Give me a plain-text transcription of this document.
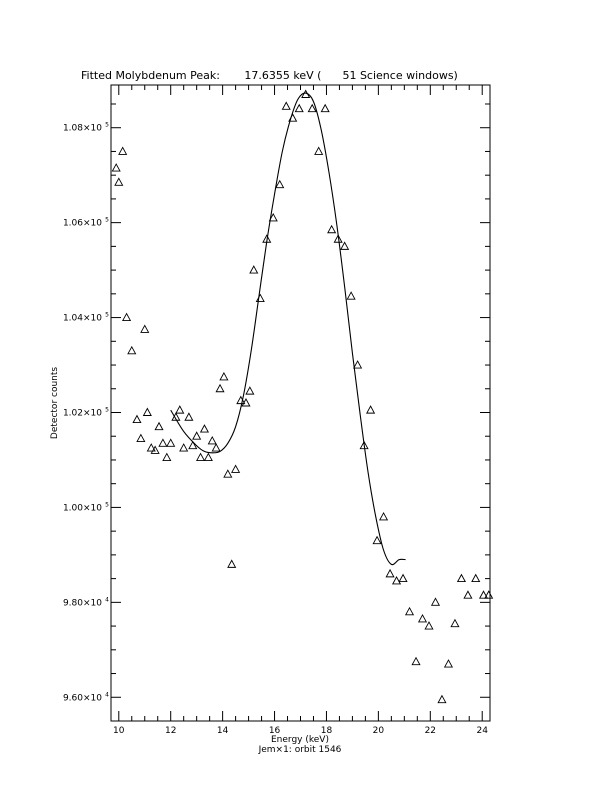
Fitted Molybdenum Peak:       17.6355 keV (      51 Science windows)
10	12	14	16	18	20	22	24
9.60×10 4
9.80×10 4
1.00×10 5
1.02×10 5
1.04×10 5
1.06×10 5
1.08×10 5
Detector counts
Energy (keV)
Jem×1: orbit 1546
